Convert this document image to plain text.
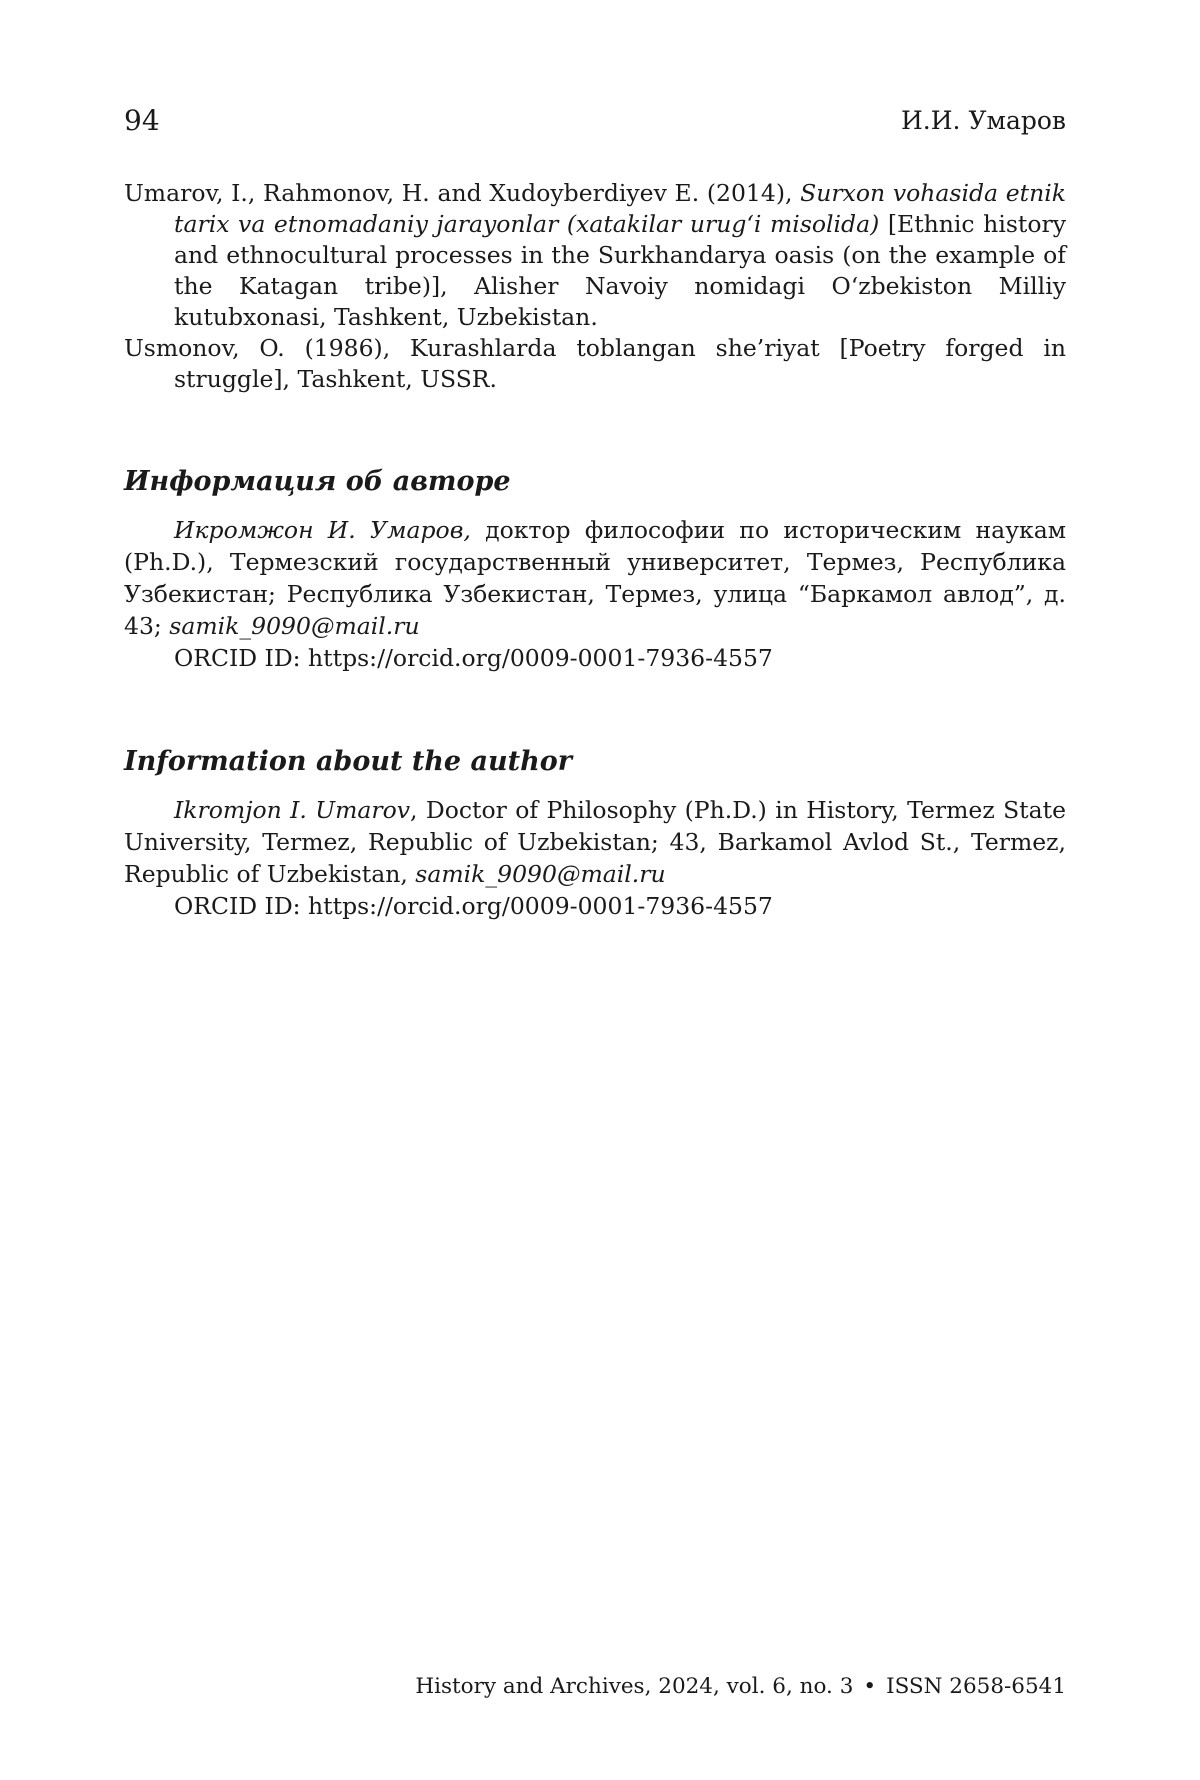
94	И.И. Умаров

Umarov, I., Rahmonov, H. and Xudoyberdiyev E. (2014), Surxon vohasida etnik tarix va etnomadaniy jarayonlar (xatakilar urug‘i misolida) [Ethnic history and ethnocultural processes in the Surkhandarya oasis (on the example of the Katagan tribe)], Alisher Navoiy nomidagi O‘zbekiston Milliy kutubxonasi, Tashkent, Uzbekistan.

Usmonov, O. (1986), Kurashlarda toblangan she’riyat [Poetry forged in struggle], Tashkent, USSR.

Информация об авторе

Икромжон И. Умаров, доктор философии по историческим наукам (Ph.D.), Термезский государственный университет, Термез, Республика Узбекистан; Республика Узбекистан, Термез, улица “Баркамол авлод”, д. 43; samik_9090@mail.ru

ORCID ID: https://orcid.org/0009-0001-7936-4557

Information about the author

Ikromjon I. Umarov, Doctor of Philosophy (Ph.D.) in History, Termez State University, Termez, Republic of Uzbekistan; 43, Barkamol Avlod St., Termez, Republic of Uzbekistan, samik_9090@mail.ru

ORCID ID: https://orcid.org/0009-0001-7936-4557

History and Archives, 2024, vol. 6, no. 3 • ISSN 2658-6541
